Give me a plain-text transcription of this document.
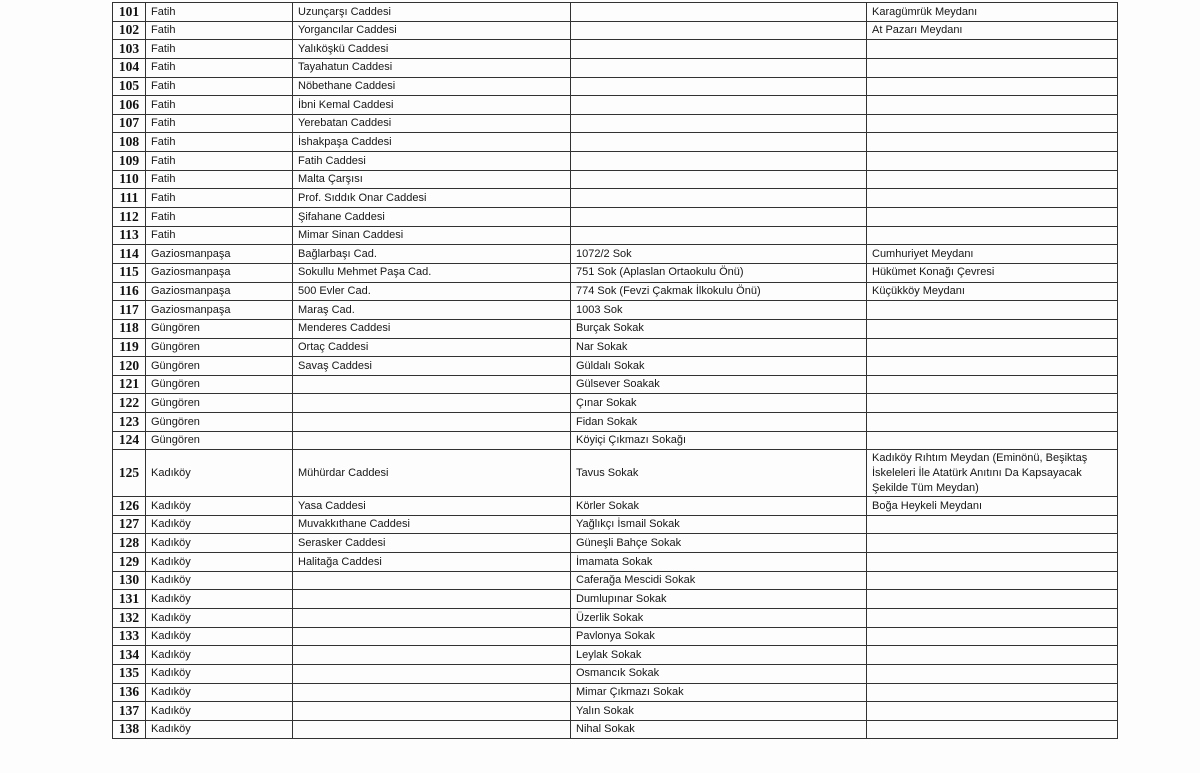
101	Fatih	Uzunçarşı Caddesi		Karagümrük Meydanı
102	Fatih	Yorgancılar Caddesi		At Pazarı Meydanı
103	Fatih	Yalıköşkü Caddesi		
104	Fatih	Tayahatun Caddesi		
105	Fatih	Nöbethane Caddesi		
106	Fatih	İbni Kemal Caddesi		
107	Fatih	Yerebatan Caddesi		
108	Fatih	İshakpaşa Caddesi		
109	Fatih	Fatih Caddesi		
110	Fatih	Malta Çarşısı		
111	Fatih	Prof. Sıddık Onar Caddesi		
112	Fatih	Şifahane Caddesi		
113	Fatih	Mimar Sinan Caddesi		
114	Gaziosmanpaşa	Bağlarbaşı Cad.	1072/2 Sok	Cumhuriyet Meydanı
115	Gaziosmanpaşa	Sokullu Mehmet Paşa Cad.	751 Sok (Aplaslan Ortaokulu Önü)	Hükümet Konağı Çevresi
116	Gaziosmanpaşa	500 Evler Cad.	774 Sok (Fevzi Çakmak İlkokulu Önü)	Küçükköy Meydanı
117	Gaziosmanpaşa	Maraş Cad.	1003 Sok	
118	Güngören	Menderes Caddesi	Burçak Sokak	
119	Güngören	Ortaç Caddesi	Nar Sokak	
120	Güngören	Savaş Caddesi	Güldalı Sokak	
121	Güngören		Gülsever Soakak	
122	Güngören		Çınar Sokak	
123	Güngören		Fidan Sokak	
124	Güngören		Köyiçi Çıkmazı Sokağı	
125	Kadıköy	Mühürdar Caddesi	Tavus Sokak	Kadıköy Rıhtım Meydan (Eminönü, Beşiktaş İskeleleri İle Atatürk Anıtını Da Kapsayacak Şekilde Tüm Meydan)
126	Kadıköy	Yasa Caddesi	Körler Sokak	Boğa Heykeli Meydanı
127	Kadıköy	Muvakkıthane Caddesi	Yağlıkçı İsmail Sokak	
128	Kadıköy	Serasker Caddesi	Güneşli Bahçe Sokak	
129	Kadıköy	Halitağa Caddesi	İmamata Sokak	
130	Kadıköy		Caferağa Mescidi Sokak	
131	Kadıköy		Dumlupınar Sokak	
132	Kadıköy		Üzerlik Sokak	
133	Kadıköy		Pavlonya Sokak	
134	Kadıköy		Leylak Sokak	
135	Kadıköy		Osmancık Sokak	
136	Kadıköy		Mimar Çıkmazı Sokak	
137	Kadıköy		Yalın Sokak	
138	Kadıköy		Nihal Sokak	
